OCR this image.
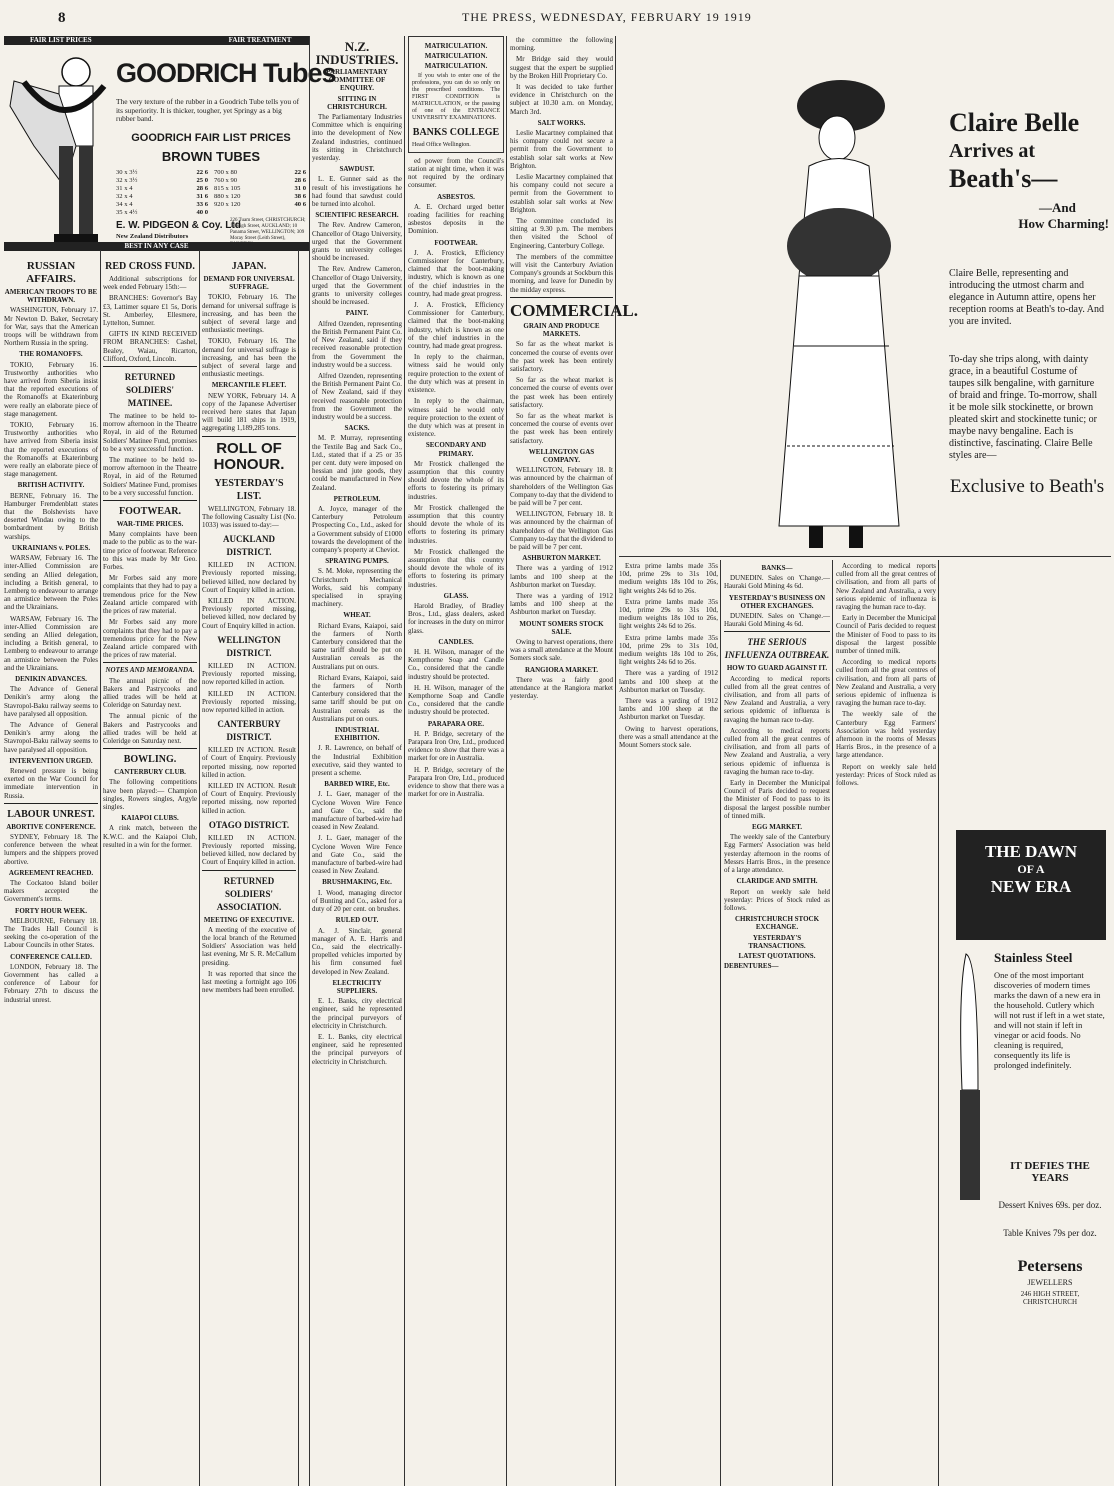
8	THE PRESS, WEDNESDAY, FEBRUARY 19 1919
FAIR LIST PRICES
GOODRICH Tubes
The very texture of the rubber in a Goodrich Tube tells you of its superiority. It is thicker, tougher, yet Springy as a big rubber band.
GOODRICH FAIR LIST PRICES
BROWN TUBES
30 x 3½	22 6
32 x 3½	25 0
31 x 4	28 6
32 x 4	31 6
34 x 4	33 6
35 x 4½	40 0
700 x 80	22 6
760 x 90	28 6
815 x 105	31 0
880 x 120	38 6
920 x 120	40 6
E. W. PIDGEON & Coy. Ltd
New Zealand Distributors
226 Tuam Street, CHRISTCHURCH; 18 High Street, AUCKLAND; 10 Panama Street, WELLINGTON; 309 Moray Street (Leith Street),
BEST IN ANY CASE
FAIR TREATMENT
RUSSIAN AFFAIRS.
AMERICAN TROOPS TO BE WITHDRAWN.

WASHINGTON, February 17. Mr Newton D. Baker, Secretary for War, says that the American troops will be withdrawn from Northern Russia in the spring.

THE ROMANOFFS.

TOKIO, February 16. Trustworthy authorities who have arrived from Siberia insist that the reported executions of the Romanoffs at Ekaterinburg were really an elaborate piece of stage management.

TOKIO, February 16. Trustworthy authorities who have arrived from Siberia insist that the reported executions of the Romanoffs at Ekaterinburg were really an elaborate piece of stage management.

BRITISH ACTIVITY.

BERNE, February 16. The Hamburger Fremdenblatt states that the Bolshevists have deserted Windau owing to the bombardment by British warships.

UKRAINIANS v. POLES.

WARSAW, February 16. The inter-Allied Commission are sending an Allied delegation, including a British general, to Lemberg to endeavour to arrange an armistice between the Poles and the Ukrainians.

WARSAW, February 16. The inter-Allied Commission are sending an Allied delegation, including a British general, to Lemberg to endeavour to arrange an armistice between the Poles and the Ukrainians.

DENIKIN ADVANCES.

The Advance of General Denikin's army along the Stavropol-Baku railway seems to have paralysed all opposition.

The Advance of General Denikin's army along the Stavropol-Baku railway seems to have paralysed all opposition.

INTERVENTION URGED.

Renewed pressure is being exerted on the War Council for immediate intervention in Russia.

LABOUR UNREST.
ABORTIVE CONFERENCE.

SYDNEY, February 18. The conference between the wheat lumpers and the shippers proved abortive.

AGREEMENT REACHED.

The Cockatoo Island boiler makers accepted the Government's terms.

FORTY HOUR WEEK.

MELBOURNE, February 18. The Trades Hall Council is seeking the co-operation of the Labour Councils in other States.

CONFERENCE CALLED.

LONDON, February 18. The Government has called a conference of Labour for February 27th to discuss the industrial unrest.

RED CROSS FUND.

Additional subscriptions for week ended February 15th:—

BRANCHES: Governor's Bay £3, Lattimer square £1 5s, Doris St. Amberley, Ellesmere, Lyttelton, Sumner.

GIFTS IN KIND RECEIVED FROM BRANCHES: Cashel, Bealey, Waiau, Ricarton, Clifford, Oxford, Lincoln.

RETURNED SOLDIERS' MATINEE.

The matinee to be held to-morrow afternoon in the Theatre Royal, in aid of the Returned Soldiers' Matinee Fund, promises to be a very successful function.

The matinee to be held to-morrow afternoon in the Theatre Royal, in aid of the Returned Soldiers' Matinee Fund, promises to be a very successful function.

FOOTWEAR.
WAR-TIME PRICES.

Many complaints have been made to the public as to the war-time price of footwear. Reference to this was made by Mr Geo. Forbes.

Mr Forbes said any more complaints that they had to pay a tremendous price for the New Zealand article compared with the prices of raw material.

Mr Forbes said any more complaints that they had to pay a tremendous price for the New Zealand article compared with the prices of raw material.

NOTES AND MEMORANDA.

The annual picnic of the Bakers and Pastrycooks and allied trades will be held at Coleridge on Saturday next.

The annual picnic of the Bakers and Pastrycooks and allied trades will be held at Coleridge on Saturday next.

BOWLING.
CANTERBURY CLUB.

The following competitions have been played:— Champion singles, Rowers singles, Argyle singles.

KAIAPOI CLUBS.

A rink match, between the K.W.C. and the Kaiapoi Club, resulted in a win for the former.

JAPAN.
DEMAND FOR UNIVERSAL SUFFRAGE.

TOKIO, February 16. The demand for universal suffrage is increasing, and has been the subject of several large and enthusiastic meetings.

TOKIO, February 16. The demand for universal suffrage is increasing, and has been the subject of several large and enthusiastic meetings.

MERCANTILE FLEET.

NEW YORK, February 14. A copy of the Japanese Advertiser received here states that Japan will build 181 ships in 1919, aggregating 1,189,285 tons.

ROLL OF HONOUR.
YESTERDAY'S LIST.

WELLINGTON, February 18. The following Casualty List (No. 1033) was issued to-day:—

AUCKLAND DISTRICT.

KILLED IN ACTION. Previously reported missing, believed killed, now declared by Court of Enquiry killed in action.

KILLED IN ACTION. Previously reported missing, believed killed, now declared by Court of Enquiry killed in action.

WELLINGTON DISTRICT.

KILLED IN ACTION. Previously reported missing, now reported killed in action.

KILLED IN ACTION. Previously reported missing, now reported killed in action.

CANTERBURY DISTRICT.

KILLED IN ACTION. Result of Court of Enquiry. Previously reported missing, now reported killed in action.

KILLED IN ACTION. Result of Court of Enquiry. Previously reported missing, now reported killed in action.

OTAGO DISTRICT.

KILLED IN ACTION. Previously reported missing, believed killed, now declared by Court of Enquiry killed in action.

RETURNED SOLDIERS' ASSOCIATION.
MEETING OF EXECUTIVE.

A meeting of the executive of the local branch of the Returned Soldiers' Association was held last evening, Mr S. R. McCallum presiding.

It was reported that since the last meeting a fortnight ago 106 new members had been enrolled.

N.Z. INDUSTRIES.
PARLIAMENTARY COMMITTEE OF ENQUIRY.
SITTING IN CHRISTCHURCH.

The Parliamentary Industries Committee which is enquiring into the development of New Zealand industries, continued its sitting in Christchurch yesterday.

SAWDUST.

L. E. Gunner said as the result of his investigations he had found that sawdust could be turned into alcohol.

SCIENTIFIC RESEARCH.

The Rev. Andrew Cameron, Chancellor of Otago University, urged that the Government grants to university colleges should be increased.

The Rev. Andrew Cameron, Chancellor of Otago University, urged that the Government grants to university colleges should be increased.

PAINT.

Alfred Ozenden, representing the British Permanent Paint Co. of New Zealand, said if they received reasonable protection from the Government the industry would be a success.

Alfred Ozenden, representing the British Permanent Paint Co. of New Zealand, said if they received reasonable protection from the Government the industry would be a success.

SACKS.

M. P. Murray, representing the Textile Bag and Sack Co., Ltd., stated that if a 25 or 35 per cent. duty were imposed on hessian and jute goods, they could be manufactured in New Zealand.

PETROLEUM.

A. Joyce, manager of the Canterbury Petroleum Prospecting Co., Ltd., asked for a Government subsidy of £1000 towards the development of the company's property at Cheviot.

SPRAYING PUMPS.

S. M. Moke, representing the Christchurch Mechanical Works, said his company specialised in spraying machinery.

WHEAT.

Richard Evans, Kaiapoi, said the farmers of North Canterbury considered that the same tariff should be put on Australian cereals as the Australians put on ours.

Richard Evans, Kaiapoi, said the farmers of North Canterbury considered that the same tariff should be put on Australian cereals as the Australians put on ours.

INDUSTRIAL EXHIBITION.

J. R. Lawrence, on behalf of the Industrial Exhibition executive, said they wanted to present a scheme.

BARBED WIRE, Etc.

J. L. Gaer, manager of the Cyclone Woven Wire Fence and Gate Co., said the manufacture of barbed-wire had ceased in New Zealand.

J. L. Gaer, manager of the Cyclone Woven Wire Fence and Gate Co., said the manufacture of barbed-wire had ceased in New Zealand.

BRUSHMAKING, Etc.

I. Wood, managing director of Bunting and Co., asked for a duty of 20 per cent. on brushes.

RULED OUT.

A. J. Sinclair, general manager of A. E. Harris and Co., said the electrically-propelled vehicles imported by his firm consumed fuel developed in New Zealand.

ELECTRICITY SUPPLIERS.

E. L. Banks, city electrical engineer, said he represented the principal purveyors of electricity in Christchurch.

E. L. Banks, city electrical engineer, said he represented the principal purveyors of electricity in Christchurch.

MATRICULATION.
MATRICULATION.
MATRICULATION.

If you wish to enter one of the professions, you can do so only on the prescribed conditions. The FIRST CONDITION is MATRICULATION, or the passing of one of the ENTRANCE UNIVERSITY EXAMINATIONS.

BANKS COLLEGE
Head Office Wellington.

ed power from the Council's station at night time, when it was not required by the ordinary consumer.

ASBESTOS.

A. E. Orchard urged better roading facilities for reaching asbestos deposits in the Dominion.

FOOTWEAR.

J. A. Frostick, Efficiency Commissioner for Canterbury, claimed that the boot-making industry, which is known as one of the chief industries in the country, had made great progress.

J. A. Frostick, Efficiency Commissioner for Canterbury, claimed that the boot-making industry, which is known as one of the chief industries in the country, had made great progress.

In reply to the chairman, witness said he would only require protection to the extent of the duty which was at present in existence.

In reply to the chairman, witness said he would only require protection to the extent of the duty which was at present in existence.

SECONDARY AND PRIMARY.

Mr Frostick challenged the assumption that this country should devote the whole of its efforts to fostering its primary industries.

Mr Frostick challenged the assumption that this country should devote the whole of its efforts to fostering its primary industries.

Mr Frostick challenged the assumption that this country should devote the whole of its efforts to fostering its primary industries.

GLASS.

Harold Bradley, of Bradley Bros., Ltd., glass dealers, asked for increases in the duty on mirror glass.

CANDLES.

H. H. Wilson, manager of the Kempthorne Soap and Candle Co., considered that the candle industry should be protected.

H. H. Wilson, manager of the Kempthorne Soap and Candle Co., considered that the candle industry should be protected.

PARAPARA ORE.

H. P. Bridge, secretary of the Parapara Iron Ore, Ltd., produced evidence to show that there was a market for ore in Australia.

H. P. Bridge, secretary of the Parapara Iron Ore, Ltd., produced evidence to show that there was a market for ore in Australia.

the committee the following morning.

Mr Bridge said they would suggest that the expert be supplied by the Broken Hill Proprietary Co.

It was decided to take further evidence in Christchurch on the subject at 10.30 a.m. on Monday, March 3rd.

SALT WORKS.

Leslie Macartney complained that his company could not secure a permit from the Government to establish solar salt works at New Brighton.

Leslie Macartney complained that his company could not secure a permit from the Government to establish solar salt works at New Brighton.

The committee concluded its sitting at 9.30 p.m. The members then visited the School of Engineering, Canterbury College.

The members of the committee will visit the Canterbury Aviation Company's grounds at Sockburn this morning, and leave for Dunedin by the midday express.

COMMERCIAL.
GRAIN AND PRODUCE MARKETS.

So far as the wheat market is concerned the course of events over the past week has been entirely satisfactory.

So far as the wheat market is concerned the course of events over the past week has been entirely satisfactory.

So far as the wheat market is concerned the course of events over the past week has been entirely satisfactory.

WELLINGTON GAS COMPANY.

WELLINGTON, February 18. It was announced by the chairman of shareholders of the Wellington Gas Company to-day that the dividend to be paid will be 7 per cent.

WELLINGTON, February 18. It was announced by the chairman of shareholders of the Wellington Gas Company to-day that the dividend to be paid will be 7 per cent.

ASHBURTON MARKET.

There was a yarding of 1912 lambs and 100 sheep at the Ashburton market on Tuesday.

There was a yarding of 1912 lambs and 100 sheep at the Ashburton market on Tuesday.

MOUNT SOMERS STOCK SALE.

Owing to harvest operations, there was a small attendance at the Mount Somers stock sale.

RANGIORA MARKET.

There was a fairly good attendance at the Rangiora market yesterday.

Claire Belle
Arrives at
Beath's—
—And
How Charming!
Claire Belle, representing and introducing the utmost charm and elegance in Autumn attire, opens her reception rooms at Beath's to-day. And you are invited.
To-day she trips along, with dainty grace, in a beautiful Costume of taupes silk bengaline, with garniture of braid and fringe. To-morrow, shall it be mole silk stockinette, or brown pleated skirt and stockinette tunic; or maybe navy bengaline. Each is distinctive, fascinating. Claire Belle styles are—
Exclusive to Beath's

Extra prime lambs made 35s 10d, prime 29s to 31s 10d, medium weights 18s 10d to 26s, light weights 24s 6d to 26s.

Extra prime lambs made 35s 10d, prime 29s to 31s 10d, medium weights 18s 10d to 26s, light weights 24s 6d to 26s.

Extra prime lambs made 35s 10d, prime 29s to 31s 10d, medium weights 18s 10d to 26s, light weights 24s 6d to 26s.

There was a yarding of 1912 lambs and 100 sheep at the Ashburton market on Tuesday.

There was a yarding of 1912 lambs and 100 sheep at the Ashburton market on Tuesday.

Owing to harvest operations, there was a small attendance at the Mount Somers stock sale.

BANKS—

DUNEDIN. Sales on 'Change.—Hauraki Gold Mining 4s 6d.

YESTERDAY'S BUSINESS ON OTHER EXCHANGES.

DUNEDIN. Sales on 'Change.—Hauraki Gold Mining 4s 6d.

THE SERIOUS INFLUENZA OUTBREAK.
HOW TO GUARD AGAINST IT.

According to medical reports culled from all the great centres of civilisation, and from all parts of New Zealand and Australia, a very serious epidemic of influenza is ravaging the human race to-day.

According to medical reports culled from all the great centres of civilisation, and from all parts of New Zealand and Australia, a very serious epidemic of influenza is ravaging the human race to-day.

Early in December the Municipal Council of Paris decided to request the Minister of Food to pass to its disposal the largest possible number of tinned milk.

EGG MARKET.

The weekly sale of the Canterbury Egg Farmers' Association was held yesterday afternoon in the rooms of Messrs Harris Bros., in the presence of a large attendance.

CLARIDGE AND SMITH.

Report on weekly sale held yesterday: Prices of Stock ruled as follows.

CHRISTCHURCH STOCK EXCHANGE.
YESTERDAY'S TRANSACTIONS.
LATEST QUOTATIONS.
DEBENTURES—

According to medical reports culled from all the great centres of civilisation, and from all parts of New Zealand and Australia, a very serious epidemic of influenza is ravaging the human race to-day.

Early in December the Municipal Council of Paris decided to request the Minister of Food to pass to its disposal the largest possible number of tinned milk.

According to medical reports culled from all the great centres of civilisation, and from all parts of New Zealand and Australia, a very serious epidemic of influenza is ravaging the human race to-day.

The weekly sale of the Canterbury Egg Farmers' Association was held yesterday afternoon in the rooms of Messrs Harris Bros., in the presence of a large attendance.

Report on weekly sale held yesterday: Prices of Stock ruled as follows.

THE DAWN
OF A
NEW ERA
Stainless Steel
One of the most important discoveries of modern times marks the dawn of a new era in the household. Cutlery which will not rust if left in a wet state, and will not stain if left in vinegar or acid foods. No cleaning is required, consequently its life is prolonged indefinitely.
IT DEFIES THE YEARS
Dessert Knives 69s. per doz.
Table Knives 79s per doz.
Petersens
JEWELLERS
246 HIGH STREET, CHRISTCHURCH
